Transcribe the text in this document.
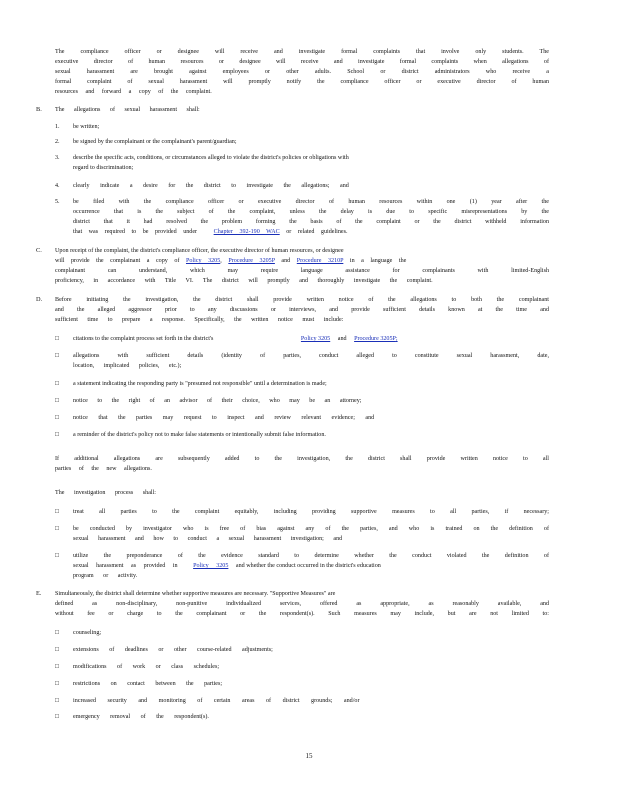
The compliance officer or designee will receive and investigate formal complaints that involve only students. The
executive director of human resources or designee will receive and investigate formal complaints when allegations of
sexual harassment are brought against employees or other adults. School or district administrators who receive a
formal complaint of sexual harassment will promptly notify the compliance officer or executive director of human
resources and forward a copy of the complaint.
B. The allegations of sexual harassment shall:
1. be written;
2. be signed by the complainant or the complainant's parent/guardian;
3. describe the specific acts, conditions, or circumstances alleged to violate the district's policies or obligations with
regard to discrimination;
4. clearly indicate a desire for the district to investigate the allegations; and
5. be filed with the compliance officer or executive director of human resources within one (1) year after the
occurrence that is the subject of the complaint, unless the delay is due to specific misrepresentations by the
district that it had resolved the problem forming the basis of the complaint or the district withheld information
that was required to be provided under	Chapter 392-190 WAC or related guidelines.
C. Upon receipt of the complaint, the district's compliance officer, the executive director of human resources, or designee
will provide the complainant a copy of Policy 3205, Procedure 3205P and Procedure 3210P in a language the
complainant can understand, which may require language assistance for complainants with limited-English
proficiency, in accordance with Title VI. The district will promptly and thoroughly investigate the complaint.
D. Before initiating the investigation, the district shall provide written notice of the allegations to both the complainant
and the alleged aggressor prior to any discussions or interviews, and provide sufficient details known at the time and
sufficient time to prepare a response. Specifically, the written notice must include:
□ citations to the complaint process set forth in the district's	Policy 3205 and Procedure 3205P;
□ allegations with sufficient details (identity of parties, conduct alleged to constitute sexual harassment, date,
location, implicated policies, etc.);
□ a statement indicating the responding party is "presumed not responsible" until a determination is made;
□ notice to the right of an advisor of their choice, who may be an attorney;
□ notice that the parties may request to inspect and review relevant evidence; and
□ a reminder of the district's policy not to make false statements or intentionally submit false information.
If additional allegations are subsequently added to the investigation, the district shall provide written notice to all
parties of the new allegations.
The investigation process shall:
□ treat all parties to the complaint equitably, including providing supportive measures to all parties, if necessary;
□ be conducted by investigator who is free of bias against any of the parties, and who is trained on the definition of
sexual harassment and how to conduct a sexual harassment investigation; and
□ utilize the preponderance of the evidence standard to determine whether the conduct violated the definition of
sexual harassment as provided in	Policy 3205 and whether the conduct occurred in the district's education
program or activity.
E. Simultaneously, the district shall determine whether supportive measures are necessary. "Supportive Measures" are
defined as non-disciplinary, non-punitive individualized services, offered as appropriate, as reasonably available, and
without fee or charge to the complainant or the respondent(s). Such measures may include, but are not limited to:
□ counseling;
□ extensions of deadlines or other course-related adjustments;
□ modifications of work or class schedules;
□ restrictions on contact between the parties;
□ increased security and monitoring of certain areas of district grounds; and/or
□ emergency removal of the respondent(s).
15
